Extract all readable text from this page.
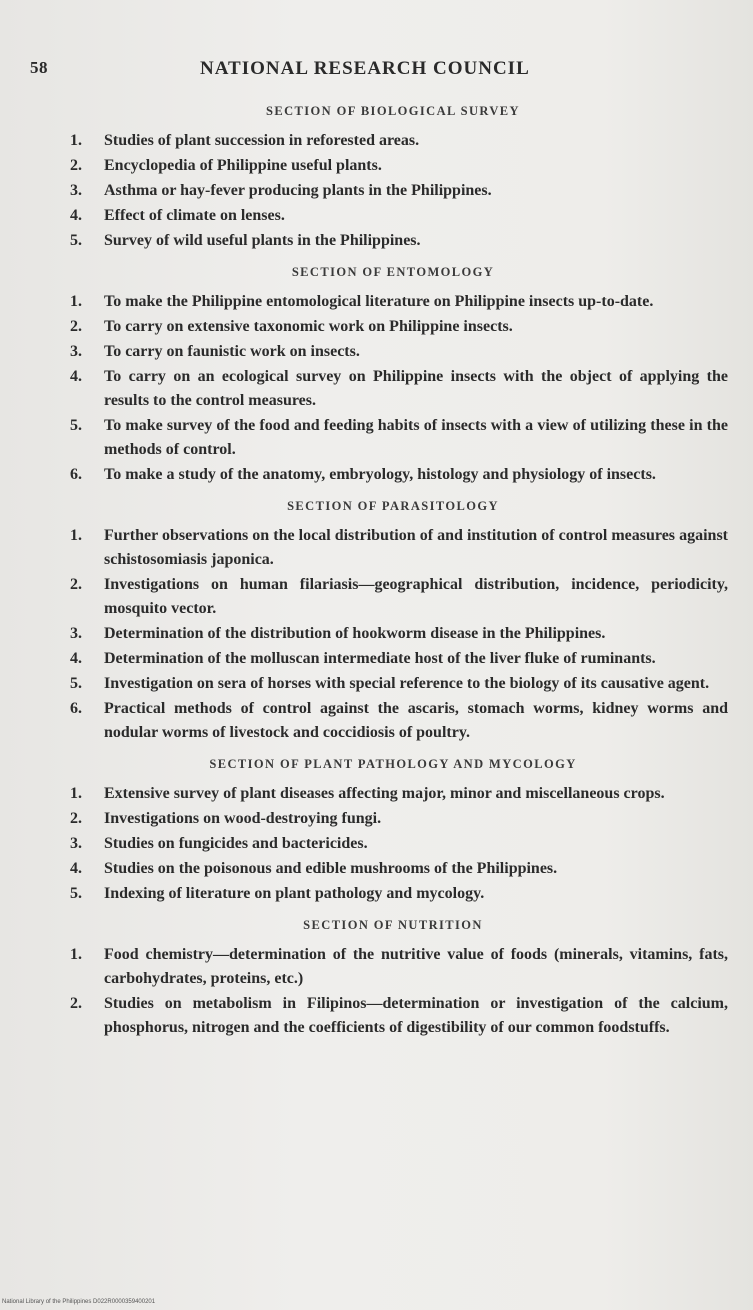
58	NATIONAL RESEARCH COUNCIL
SECTION OF BIOLOGICAL SURVEY
1. Studies of plant succession in reforested areas.
2. Encyclopedia of Philippine useful plants.
3. Asthma or hay-fever producing plants in the Philippines.
4. Effect of climate on lenses.
5. Survey of wild useful plants in the Philippines.
SECTION OF ENTOMOLOGY
1. To make the Philippine entomological literature on Philippine insects up-to-date.
2. To carry on extensive taxonomic work on Philippine insects.
3. To carry on faunistic work on insects.
4. To carry on an ecological survey on Philippine insects with the object of applying the results to the control measures.
5. To make survey of the food and feeding habits of insects with a view of utilizing these in the methods of control.
6. To make a study of the anatomy, embryology, histology and physiology of insects.
SECTION OF PARASITOLOGY
1. Further observations on the local distribution of and institution of control measures against schistosomiasis japonica.
2. Investigations on human filariasis—geographical distribution, incidence, periodicity, mosquito vector.
3. Determination of the distribution of hookworm disease in the Philippines.
4. Determination of the molluscan intermediate host of the liver fluke of ruminants.
5. Investigation on sera of horses with special reference to the biology of its causative agent.
6. Practical methods of control against the ascaris, stomach worms, kidney worms and nodular worms of livestock and coccidiosis of poultry.
SECTION OF PLANT PATHOLOGY AND MYCOLOGY
1. Extensive survey of plant diseases affecting major, minor and miscellaneous crops.
2. Investigations on wood-destroying fungi.
3. Studies on fungicides and bactericides.
4. Studies on the poisonous and edible mushrooms of the Philippines.
5. Indexing of literature on plant pathology and mycology.
SECTION OF NUTRITION
1. Food chemistry—determination of the nutritive value of foods (minerals, vitamins, fats, carbohydrates, proteins, etc.)
2. Studies on metabolism in Filipinos—determination or investigation of the calcium, phosphorus, nitrogen and the coefficients of digestibility of our common foodstuffs.
National Library of the Philippines D022R0000359400201
